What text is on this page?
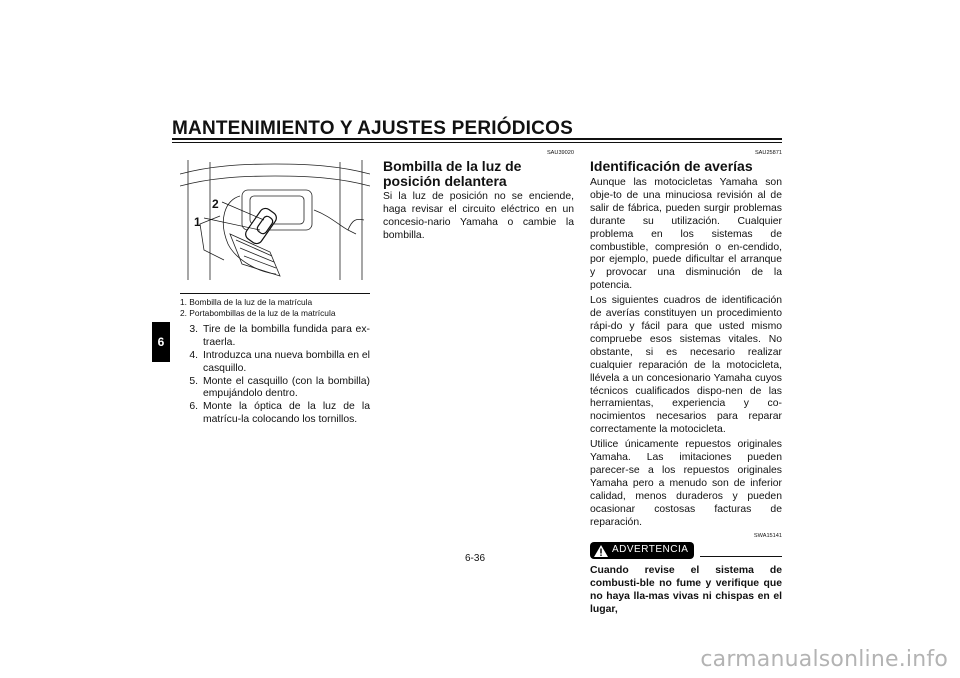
MANTENIMIENTO Y AJUSTES PERIÓDICOS
6
1
2
1. Bombilla de la luz de la matrícula
2. Portabombillas de la luz de la matrícula
3. Tire de la bombilla fundida para ex-traerla.
4. Introduzca una nueva bombilla en el casquillo.
5. Monte el casquillo (con la bombilla) empujándolo dentro.
6. Monte la óptica de la luz de la matrícu-la colocando los tornillos.
SAU39020
Bombilla de la luz de posición delantera

Si la luz de posición no se enciende, haga revisar el circuito eléctrico en un concesio-nario Yamaha o cambie la bombilla.

SAU25871
Identificación de averías

Aunque las motocicletas Yamaha son obje-to de una minuciosa revisión al de salir de fábrica, pueden surgir problemas durante su utilización. Cualquier problema en los sistemas de combustible, compresión o en-cendido, por ejemplo, puede dificultar el arranque y provocar una disminución de la potencia.

Los siguientes cuadros de identificación de averías constituyen un procedimiento rápi-do y fácil para que usted mismo compruebe esos sistemas vitales. No obstante, si es necesario realizar cualquier reparación de la motocicleta, llévela a un concesionario Yamaha cuyos técnicos cualificados dispo-nen de las herramientas, experiencia y co-nocimientos necesarios para reparar correctamente la motocicleta.

Utilice únicamente repuestos originales Yamaha. Las imitaciones pueden parecer-se a los repuestos originales Yamaha pero a menudo son de inferior calidad, menos duraderos y pueden ocasionar costosas facturas de reparación.

SWA15141
ADVERTENCIA
Cuando revise el sistema de combusti-ble no fume y verifique que no haya lla-mas vivas ni chispas en el lugar,
6-36
carmanualsonline.info
